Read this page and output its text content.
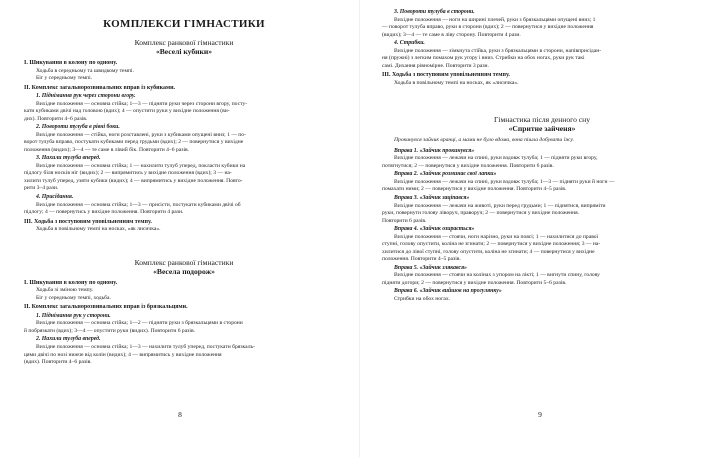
КОМПЛЕКСИ ГІМНАСТИКИ
Комплекс ранкової гімнастики
«Веселі кубики»
І. Шикування в колону по одному.
Ходьба в середньому та швидкому темпі.
Біг у середньому темпі.
ІІ. Комплекс загальнорозвивальних вправ із кубиками.
1. Піднімання рук через сторони вгору.
Вихідне положення — основна стійка; 1—3 — підняти руки через сторони вгору, посту-
кати кубиками двічі над головою (вдих); 4 — опустити руки у вихідне положення (ви-
дих). Повторити 4–6 разів.
2. Повороти тулуба в рівні боки.
Вихідне положення — стійка, ноги розставлені, руки з кубиками опущені вниз; 1 — по-
ворот тулуба вправо, постукати кубиками перед грудьми (вдих); 2 — повернутися у вихідне
положення (видих); 3—4 — те саме в лівий бік. Повторити 4–6 разів.
3. Нахили тулуба вперед.
Вихідне положення — основна стійка; 1 — нахилити тулуб уперед, покласти кубики на
підлогу біля носків ніг (видих); 2 — випрямитись у вихідне положення (вдих); 3 — на-
хилити тулуб уперед, узяти кубики (видих); 4 — випрямитись у вихідне положення. Повто-
рити 3–4 рази.
4. Присідання.
Вихідне положення — основна стійка; 1—3 — присісти, постукати кубиками двічі об
підлогу; 4 — повернутись у вихідне положення. Повторити 4 рази.
ІІІ. Ходьба з поступовим уповільненням темпу.
Ходьба в повільному темпі на носках, «як лисичка».
Комплекс ранкової гімнастики
«Весела подорож»
І. Шикування в колону по одному.
Ходьба зі зміною темпу.
Біг у середньому темпі, ходьба.
ІІ. Комплекс загальнорозвивальних вправ із брязкальцями.
1. Піднімання рук у сторони.
Вихідне положення — основна стійка; 1—2 — підняти руки з брязкальцями в сторони
й побрязкати (вдих); 3—4 — опустити руки (видих). Повторити 6 разів.
2. Нахили тулуба вперед.
Вихідне положення — основна стійка; 1—3 — нахилити тулуб уперед, постукати брязкаль-
цями двічі по нозі нижче від колін (видих); 4 — випрямитись у вихідне положення
(вдих). Повторити 4–6 разів.
8
3. Повороти тулуба в сторони.
Вихідне положення — ноги на ширині плечей, руки з брязкальцями опущені вниз; 1
— поворот тулуба вправо, руки в сторони (вдих); 2 — повернутися у вихідне положення
(видих); 3—4 — те саме в ліву сторону. Повторити 4 рази.
4. Стрибки.
Вихідне положення — зімкнута стійка, руки з брязкальцями в сторони, напівприсідан-
ня (пружні) з легким помахом рук угору і вниз. Стрибки на обох ногах, руки рук такі
самі. Дихання рівномірне. Повторити 3 рази.
ІІІ. Ходьба з поступовим уповільненням темпу.
Ходьба в повільному темпі на носках, як «лисичка».
Гімнастика після денного сну
«Спритне зайченя»
Прокинувся зайчик вранці, а мами не було вдома, вона пішла добувати їжу.
Вправа 1. «Зайчик прокинувся»
Вихідне положення — лежачи на спині, руки вздовж тулуба; 1 — підняти руки вгору,
потягнутися; 2 — повернутися у вихідне положення. Повторити 6 разів.
Вправа 2. «Зайчик розминає свої лапки»
Вихідне положення — лежачи на спині, руки вздовж тулуба; 1—3 — підняти руки й ноги —
помахати ними; 2 — повернутися у вихідне положення. Повторити 4–5 разів.
Вправа 3. «Зайчик заціпався»
Вихідне положення — лежачи на животі, руки перед грудьми; 1 — піднятися, випряміти
руки, повернути голову ліворуч, праворуч; 2 — повернутися у вихідне положення.
Повторити 6 разів.
Вправа 4. «Зайчик озирається»
Вихідне положення — стоячи, ноги нарізно, руки на поясі; 1 — нахилитися до правої
ступні, голову опустити, коліна не згинати; 2 — повернутися у вихідне положення; 3 — на-
хилитися до лівої ступні, голову опустити, коліна не згинати; 4 — повернутися у вихідне
положення. Повторити 4–5 разів.
Вправа 5. «Зайчик злякався»
Вихідне положення — стоячи на колінах з упором на лікті; 1 — вигнути спину, голову
підняти догори; 2 — повернутися у вихідне положення. Повторити 5–6 разів.
Вправа 6. «Зайчик вийшов на прогулянку»
Стрибки на обох ногах.
9
